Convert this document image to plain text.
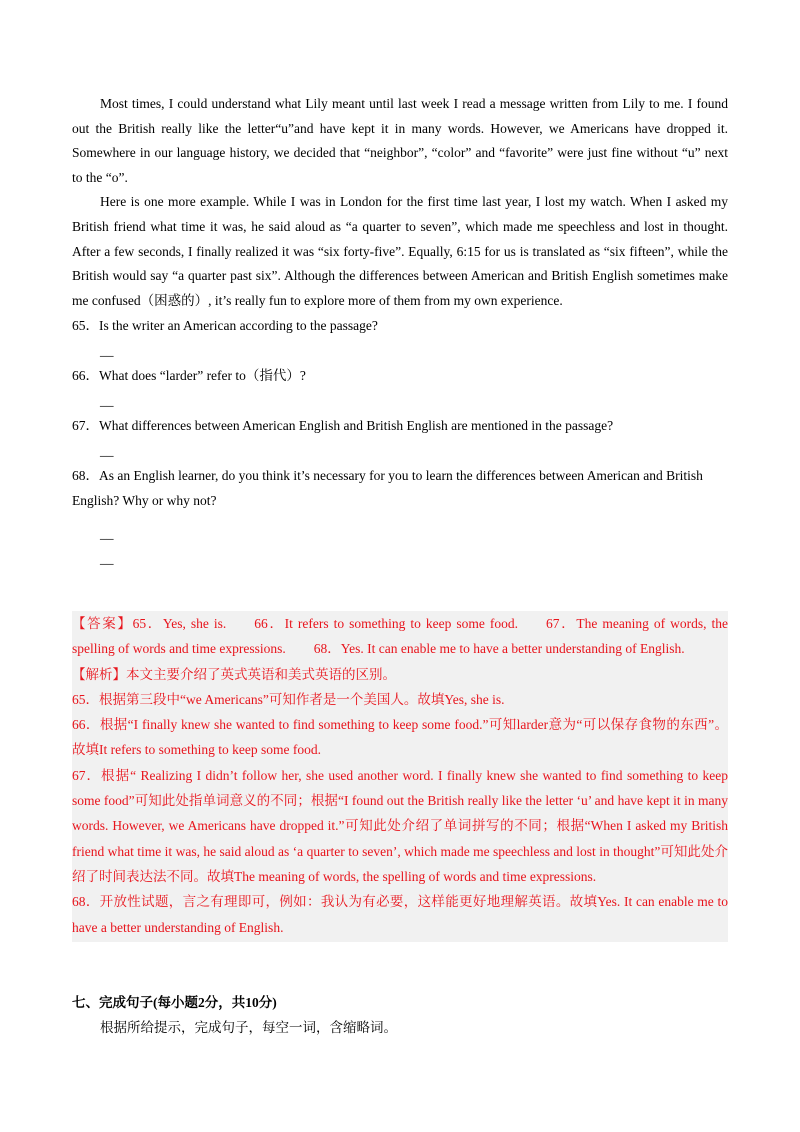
Most times, I could understand what Lily meant until last week I read a message written from Lily to me. I found out the British really like the letter“u”and have kept it in many words. However, we Americans have dropped it. Somewhere in our language history, we decided that “neighbor”, “color” and “favorite” were just fine without “u” next to the “o”.

Here is one more example. While I was in London for the first time last year, I lost my watch. When I asked my British friend what time it was, he said aloud as “a quarter to seven”, which made me speechless and lost in thought. After a few seconds, I finally realized it was “six forty-five”. Equally, 6:15 for us is translated as “six fifteen”, while the British would say “a quarter past six”. Although the differences between American and British English sometimes make me confused（困惑的）, it’s really fun to explore more of them from my own experience.

65．Is the writer an American according to the passage?

__

66．What does “larder” refer to（指代）?

__

67．What differences between American English and British English are mentioned in the passage?

__

68．As an English learner, do you think it’s necessary for you to learn the differences between American and British English? Why or why not?

__

__

【答案】65．Yes, she is. 66．It refers to something to keep some food. 67．The meaning of words, the spelling of words and time expressions. 68．Yes. It can enable me to have a better understanding of English.

【解析】本文主要介绍了英式英语和美式英语的区别。

65．根据第三段中“we Americans”可知作者是一个美国人。故填Yes, she is.

66．根据“I finally knew she wanted to find something to keep some food.”可知larder意为“可以保存食物的东西”。故填It refers to something to keep some food.

67．根据“ Realizing I didn’t follow her, she used another word. I finally knew she wanted to find something to keep some food”可知此处指单词意义的不同；根据“I found out the British really like the letter ‘u’ and have kept it in many words. However, we Americans have dropped it.”可知此处介绍了单词拼写的不同；根据“When I asked my British friend what time it was, he said aloud as ‘a quarter to seven’, which made me speechless and lost in thought”可知此处介绍了时间表达法不同。故填The meaning of words, the spelling of words and time expressions.

68．开放性试题，言之有理即可，例如：我认为有必要，这样能更好地理解英语。故填Yes. It can enable me to have a better understanding of English.

七、完成句子(每小题2分，共10分)

根据所给提示，完成句子，每空一词，含缩略词。
